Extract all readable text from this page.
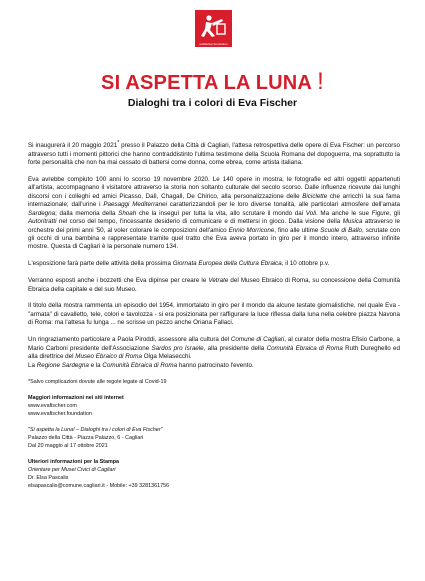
evafischer.foundation
SI ASPETTA LA LUNA !
Dialoghi tra i colori di Eva Fischer

Si inaugurerà il 20 maggio 2021* presso il Palazzo della Città di Cagliari, l'attesa retrospettiva delle opere di Eva Fischer: un percorso attraverso tutti i momenti pittorici che hanno contraddistinto l'ultima testimone della Scuola Romana del dopoguerra, ma soprattutto la forte personalità che non ha mai cessato di battersi come donna, come ebrea, come artista italiana.

Eva avrebbe compiuto 100 anni lo scorso 19 novembre 2020. Le 140 opere in mostra, le fotografie ed altri oggetti appartenuti all'artista, accompagnano il visitatore attraverso la storia non soltanto culturale del secolo scorso. Dalle influenze ricevute dai lunghi discorsi con i colleghi ed amici Picasso, Dalì, Chagall, De Chirico, alla personalizzazione delle Biciclette che arricchì la sua fama internazionale; dall'urine i Paesaggi Mediterranei caratterizzandoli per le loro diverse tonalità, alle particolari atmosfere dell'amata Sardegna; dalla memoria della Shoah che la inseguì per tutta la vita, allo scrutare il mondo dai Voli. Ma anche le sue Figure, gli Autoritratti nel corso del tempo, l'incessante desiderio di comunicare e di mettersi in gioco. Dalla visione della Musica attraverso le orchestre dei primi anni '50, al voler colorare le composizioni dell'amico Ennio Morricone, fino alle ultime Scuole di Ballo, scrutate con gli occhi di una bambina e rappresentate tramite quel tratto che Eva aveva portato in giro per il mondo intero, attraverso infinite mostre. Questa di Cagliari è la personale numero 134.

L'esposizione farà parte delle attività della prossima Giornata Europea della Cultura Ebraica, il 10 ottobre p.v.

Verranno esposti anche i bozzetti che Eva dipinse per creare le Vetrate del Museo Ebraico di Roma, su concessione della Comunità Ebraica della capitale e del suo Museo.

Il titolo della mostra rammenta un episodio del 1954, immortalato in giro per il mondo da alcune testate giornalistiche, nel quale Eva - "armata" di cavalletto, tele, colori e tavolozza - si era posizionata per raffigurare la luce riflessa dalla luna nella celebre piazza Navona di Roma: ma l'attesa fu lunga ... ne scrisse un pezzo anche Oriana Fallaci.

Un ringraziamento particolare a Paola Piroddi, assessore alla cultura del Comune di Cagliari, al curator della mostra Efisio Carbone, a Mario Carboni presidente dell'Associazione Sardos pro Israele, alla presidente della Comunità Ebraica di Roma Ruth Dureghello ed alla direttrice del Museo Ebraico di Roma Olga Melasecchi.
La Regione Sardegna e la Comunità Ebraica di Roma hanno patrocinato l'evento.

*Salvo complicazioni dovute alle regole legate al Covid-19

Maggiori informazioni nei siti internet
www.evafischer.com
www.evafischer.foundation
"Si aspetta la Luna! – Dialoghi tra i colori di Eva Fischer"
Palazzo della Città - Piazza Palazzo, 6 - Cagliari
Dal 20 maggio al 17 ottobre 2021
Ulteriori informazioni per la Stampa
Orientare per Musei Civici di Cagliari
Dr. Elsa Pascalis
elsapascalis@comune.cagliari.it - Mobile: +39 3281361756
